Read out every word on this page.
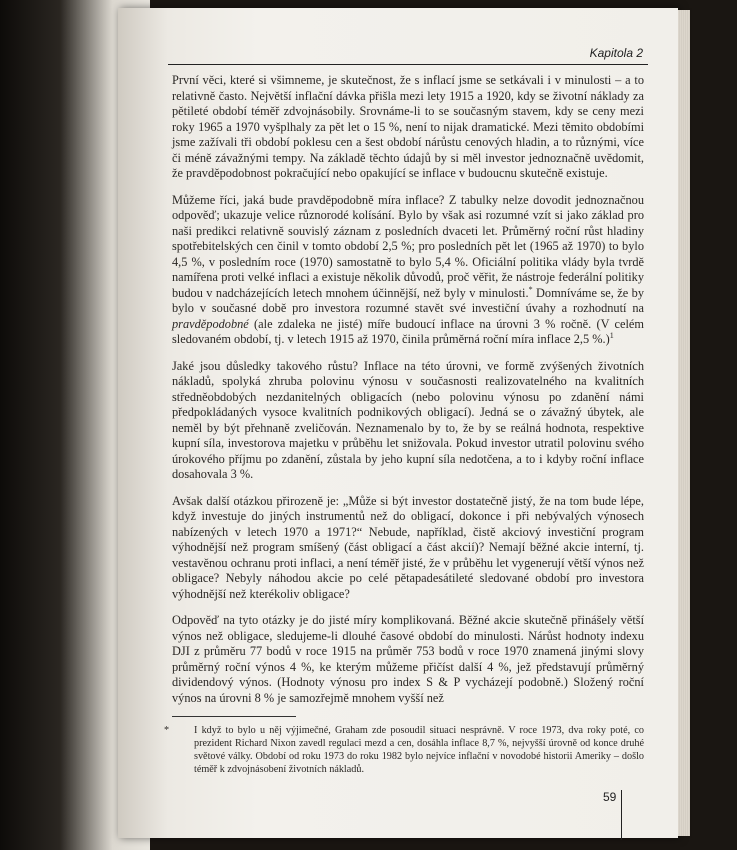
Kapitola 2

První věci, které si všimneme, je skutečnost, že s inflací jsme se setkávali i v minulosti – a to relativně často. Největší inflační dávka přišla mezi lety 1915 a 1920, kdy se životní náklady za pětileté období téměř zdvojnásobily. Srovnáme-li to se současným stavem, kdy se ceny mezi roky 1965 a 1970 vyšplhaly za pět let o 15 %, není to nijak dramatické. Mezi těmito obdobími jsme zažívali tři období poklesu cen a šest období nárůstu cenových hladin, a to různými, více či méně závažnými tempy. Na základě těchto údajů by si měl investor jednoznačně uvědomit, že pravděpodobnost pokračující nebo opakující se inflace v budoucnu skutečně existuje.

Můžeme říci, jaká bude pravděpodobně míra inflace? Z tabulky nelze dovodit jednoznačnou odpověď; ukazuje velice různorodé kolísání. Bylo by však asi rozumné vzít si jako základ pro naši predikci relativně souvislý záznam z posledních dvaceti let. Průměrný roční růst hladiny spotřebitelských cen činil v tomto období 2,5 %; pro posledních pět let (1965 až 1970) to bylo 4,5 %, v posledním roce (1970) samostatně to bylo 5,4 %. Oficiální politika vlády byla tvrdě namířena proti velké inflaci a existuje několik důvodů, proč věřit, že nástroje federální politiky budou v nadcházejících letech mnohem účinnější, než byly v minulosti.* Domníváme se, že by bylo v současné době pro investora rozumné stavět své investiční úvahy a rozhodnutí na pravděpodobné (ale zdaleka ne jisté) míře budoucí inflace na úrovni 3 % ročně. (V celém sledovaném období, tj. v letech 1915 až 1970, činila průměrná roční míra inflace 2,5 %.)$^1$

Jaké jsou důsledky takového růstu? Inflace na této úrovni, ve formě zvýšených životních nákladů, spolyká zhruba polovinu výnosu v současnosti realizovatelného na kvalitních středněobdobých nezdanitelných obligacích (nebo polovinu výnosu po zdanění námi předpokládaných vysoce kvalitních podnikových obligací). Jedná se o závažný úbytek, ale neměl by být přehnaně zveličován. Neznamenalo by to, že by se reálná hodnota, respektive kupní síla, investorova majetku v průběhu let snižovala. Pokud investor utratil polovinu svého úrokového příjmu po zdanění, zůstala by jeho kupní síla nedotčena, a to i kdyby roční inflace dosahovala 3 %.

Avšak další otázkou přirozeně je: „Může si být investor dostatečně jistý, že na tom bude lépe, když investuje do jiných instrumentů než do obligací, dokonce i při nebývalých výnosech nabízených v letech 1970 a 1971?“ Nebude, například, čistě akciový investiční program výhodnější než program smíšený (část obligací a část akcií)? Nemají běžné akcie interní, tj. vestavěnou ochranu proti inflaci, a není téměř jisté, že v průběhu let vygenerují větší výnos než obligace? Nebyly náhodou akcie po celé pětapadesátileté sledované období pro investora výhodnější než kterékoliv obligace?

Odpověď na tyto otázky je do jisté míry komplikovaná. Běžné akcie skutečně přinášely větší výnos než obligace, sledujeme-li dlouhé časové období do minulosti. Nárůst hodnoty indexu DJI z průměru 77 bodů v roce 1915 na průměr 753 bodů v roce 1970 znamená jinými slovy průměrný roční výnos 4 %, ke kterým můžeme přičíst další 4 %, jež představují průměrný dividendový výnos. (Hodnoty výnosu pro index S & P vycházejí podobně.) Složený roční výnos na úrovni 8 % je samozřejmě mnohem vyšší než

* I když to bylo u něj výjimečné, Graham zde posoudil situaci nesprávně. V roce 1973, dva roky poté, co prezident Richard Nixon zavedl regulaci mezd a cen, dosáhla inflace 8,7 %, nejvyšší úrovně od konce druhé světové války. Období od roku 1973 do roku 1982 bylo nejvíce inflační v novodobé historii Ameriky – došlo téměř k zdvojnásobení životních nákladů.
59
